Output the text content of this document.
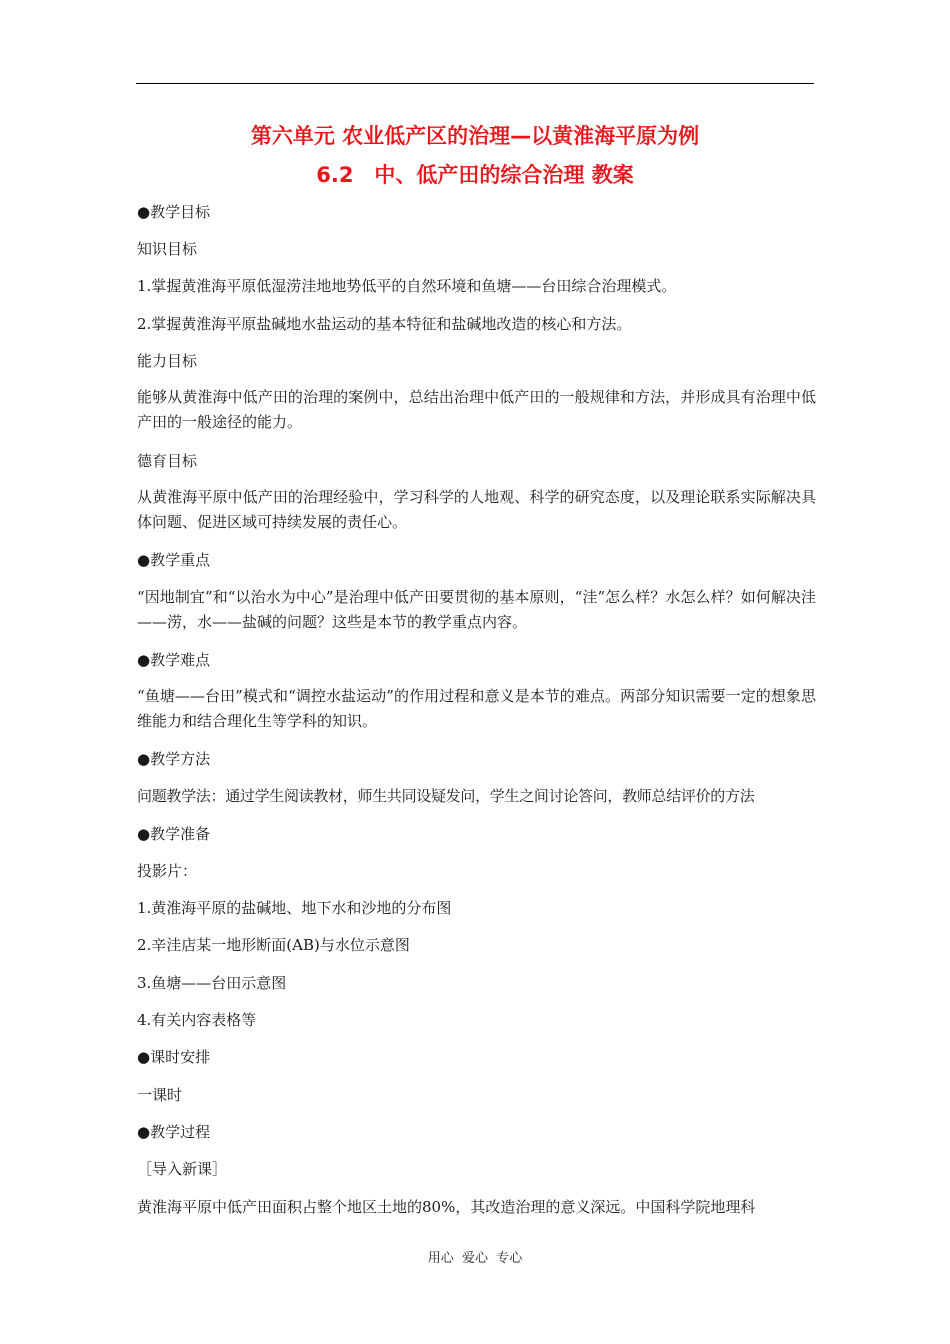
第六单元 农业低产区的治理—以黄淮海平原为例
6.2　中、低产田的综合治理 教案
●教学目标
知识目标
1.掌握黄淮海平原低湿涝洼地地势低平的自然环境和鱼塘——台田综合治理模式。
2.掌握黄淮海平原盐碱地水盐运动的基本特征和盐碱地改造的核心和方法。
能力目标
能够从黄淮海中低产田的治理的案例中，总结出治理中低产田的一般规律和方法，并形成具有治理中低产田的一般途径的能力。
德育目标
从黄淮海平原中低产田的治理经验中，学习科学的人地观、科学的研究态度，以及理论联系实际解决具体问题、促进区域可持续发展的责任心。
●教学重点
“因地制宜”和“以治水为中心”是治理中低产田要贯彻的基本原则，“洼”怎么样？水怎么样？如何解决洼——涝，水——盐碱的问题？这些是本节的教学重点内容。
●教学难点
“鱼塘——台田”模式和“调控水盐运动”的作用过程和意义是本节的难点。两部分知识需要一定的想象思维能力和结合理化生等学科的知识。
●教学方法
问题教学法：通过学生阅读教材，师生共同设疑发问，学生之间讨论答问，教师总结评价的方法
●教学准备
投影片：
1.黄淮海平原的盐碱地、地下水和沙地的分布图
2.辛洼店某一地形断面(AB)与水位示意图
3.鱼塘——台田示意图
4.有关内容表格等
●课时安排
一课时
●教学过程
［导入新课］
黄淮海平原中低产田面积占整个地区土地的80%，其改造治理的意义深远。中国科学院地理科
用心  爱心  专心
